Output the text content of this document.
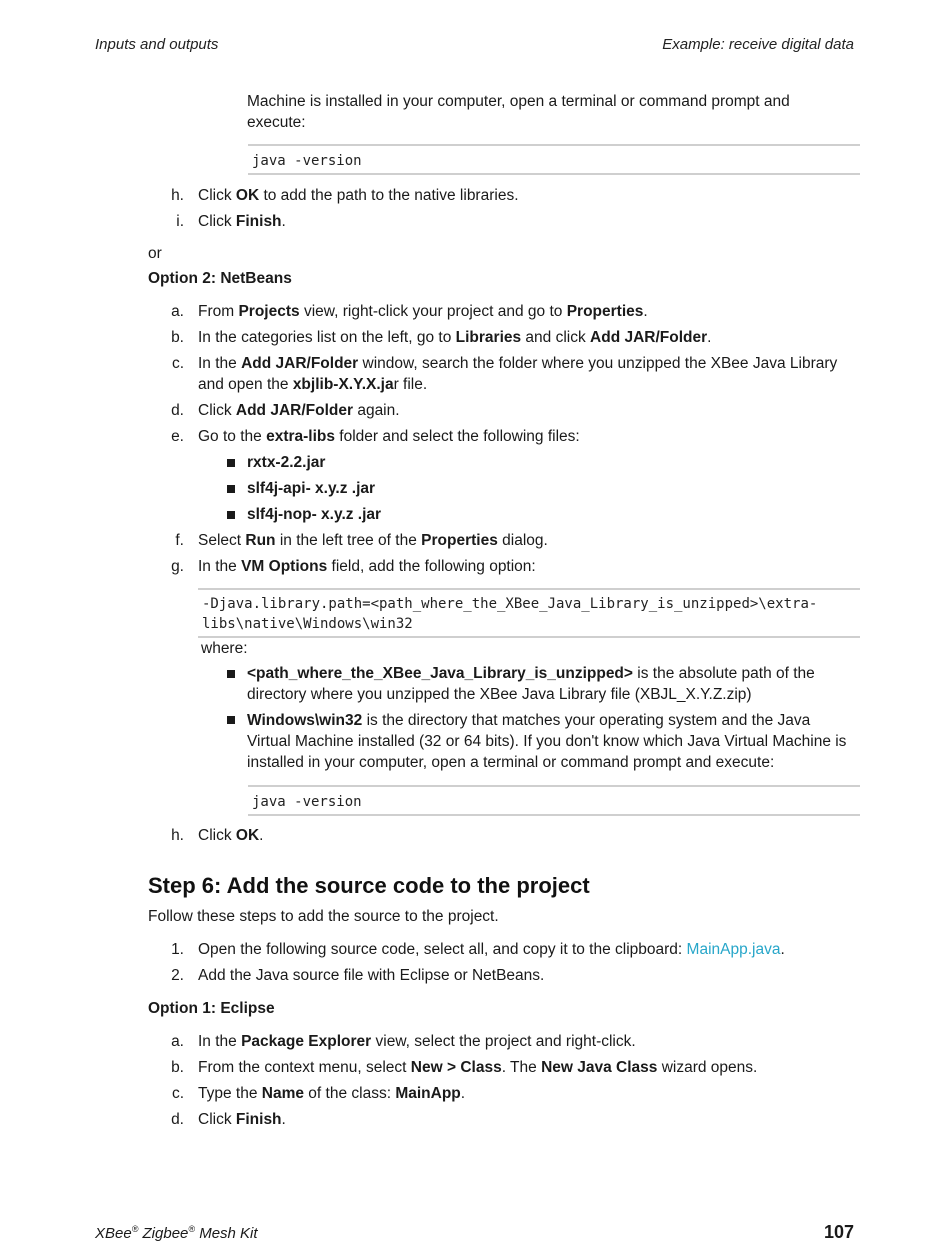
Inputs and outputs	Example: receive digital data
Machine is installed in your computer, open a terminal or command prompt and
execute:
java -version
h. Click OK to add the path to the native libraries.
i. Click Finish.
or
Option 2: NetBeans
a. From Projects view, right-click your project and go to Properties.
b. In the categories list on the left, go to Libraries and click Add JAR/Folder.
c. In the Add JAR/Folder window, search the folder where you unzipped the XBee Java Library
and open the xbjlib-X.Y.X.jar file.
d. Click Add JAR/Folder again.
e. Go to the extra-libs folder and select the following files:
rxtx-2.2.jar
slf4j-api- x.y.z .jar
slf4j-nop- x.y.z .jar
f. Select Run in the left tree of the Properties dialog.
g. In the VM Options field, add the following option:
-Djava.library.path=<path_where_the_XBee_Java_Library_is_unzipped>\extra-
libs\native\Windows\win32
where:
<path_where_the_XBee_Java_Library_is_unzipped> is the absolute path of the
directory where you unzipped the XBee Java Library file (XBJL_X.Y.Z.zip)
Windows\win32 is the directory that matches your operating system and the Java
Virtual Machine installed (32 or 64 bits). If you don't know which Java Virtual Machine is
installed in your computer, open a terminal or command prompt and execute:
java -version
h. Click OK.
Step 6: Add the source code to the project
Follow these steps to add the source to the project.
1. Open the following source code, select all, and copy it to the clipboard: MainApp.java.
2. Add the Java source file with Eclipse or NetBeans.
Option 1: Eclipse
a. In the Package Explorer view, select the project and right-click.
b. From the context menu, select New > Class. The New Java Class wizard opens.
c. Type the Name of the class: MainApp.
d. Click Finish.
XBee® Zigbee® Mesh Kit	107
